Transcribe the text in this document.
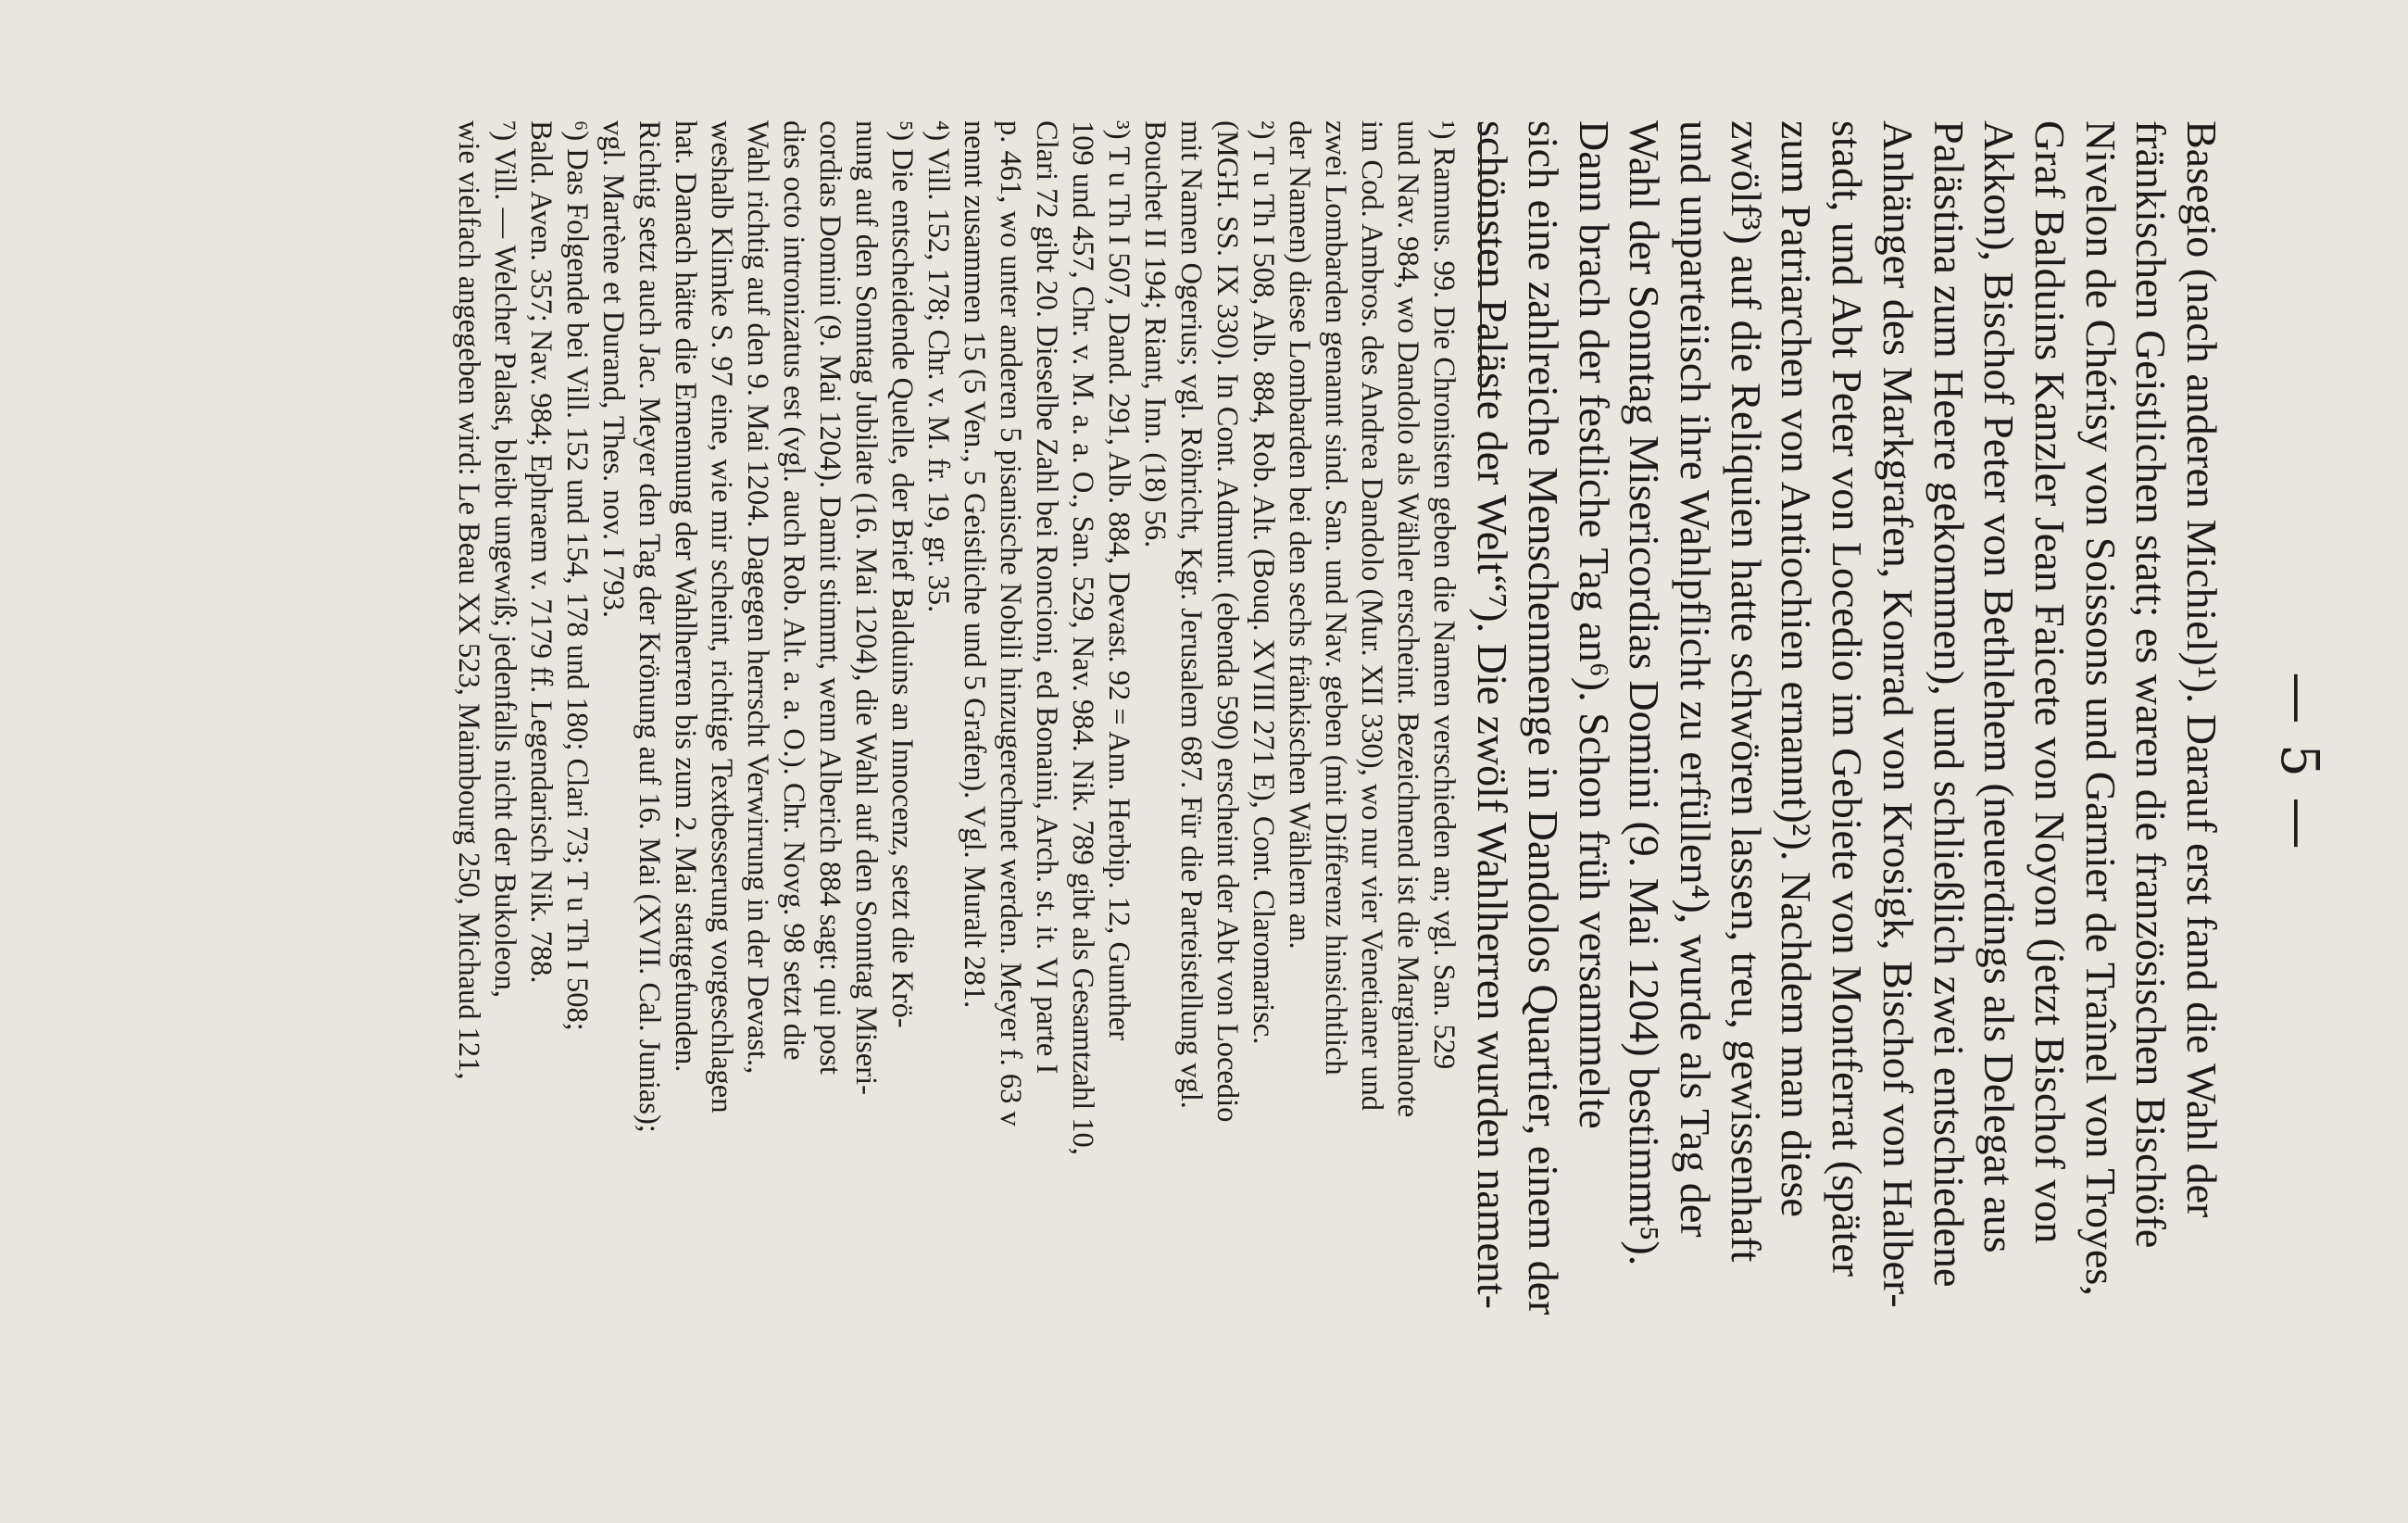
— 5 —
Basegio (nach anderen Michiel)¹). Darauf erst fand die Wahl der
fränkischen Geistlichen statt; es waren die französischen Bischöfe
Nivelon de Chérisy von Soissons und Garnier de Traînel von Troyes,
Graf Balduins Kanzler Jean Faicete von Noyon (jetzt Bischof von
Akkon), Bischof Peter von Bethlehem (neuerdings als Delegat aus
Palästina zum Heere gekommen), und schließlich zwei entschiedene
Anhänger des Markgrafen, Konrad von Krosigk, Bischof von Halber-
stadt, und Abt Peter von Locedio im Gebiete von Montferrat (später
zum Patriarchen von Antiochien ernannt)²). Nachdem man diese
zwölf³) auf die Reliquien hatte schwören lassen, treu, gewissenhaft
und unparteiisch ihre Wahlpflicht zu erfüllen⁴), wurde als Tag der
Wahl der Sonntag Misericordias Domini (9. Mai 1204) bestimmt⁵).
Dann brach der festliche Tag an⁶). Schon früh versammelte
sich eine zahlreiche Menschenmenge in Dandolos Quartier, einem der
schönsten Paläste der Welt“⁷). Die zwölf Wahlherren wurden nament-
¹) Ramnus. 99. Die Chronisten geben die Namen verschieden an; vgl. San. 529
und Nav. 984, wo Dandolo als Wähler erscheint. Bezeichnend ist die Marginalnote
im Cod. Ambros. des Andrea Dandolo (Mur. XII 330), wo nur vier Venetianer und
zwei Lombarden genannt sind. San. und Nav. geben (mit Differenz hinsichtlich
der Namen) diese Lombarden bei den sechs fränkischen Wählern an.
²) T u Th I 508, Alb. 884, Rob. Alt. (Bouq. XVIII 271 E), Cont. Claromarisc.
(MGH. SS. IX 330). In Cont. Admunt. (ebenda 590) erscheint der Abt von Locedio
mit Namen Ogerius; vgl. Röhricht, Kgr. Jerusalem 687. Für die Parteistellung vgl.
Bouchet II 194; Riant, Inn. (18) 56.
³) T u Th I 507, Dand. 291, Alb. 884, Devast. 92 = Ann. Herbip. 12, Gunther
109 und 457, Chr. v. M. a. a. O., San. 529, Nav. 984. Nik. 789 gibt als Gesamtzahl 10,
Clari 72 gibt 20. Dieselbe Zahl bei Roncioni, ed Bonaini, Arch. st. it. VI parte I
p. 461, wo unter anderen 5 pisanische Nobili hinzugerechnet werden. Meyer f. 63 v
nennt zusammen 15 (5 Ven., 5 Geistliche und 5 Grafen). Vgl. Muralt 281.
⁴) Vill. 152, 178; Chr. v. M. fr. 19, gr. 35.
⁵) Die entscheidende Quelle, der Brief Balduins an Innocenz, setzt die Krö-
nung auf den Sonntag Jubilate (16. Mai 1204), die Wahl auf den Sonntag Miseri-
cordias Domini (9. Mai 1204). Damit stimmt, wenn Alberich 884 sagt: qui post
dies octo intronizatus est (vgl. auch Rob. Alt. a. a. O.). Chr. Novg. 98 setzt die
Wahl richtig auf den 9. Mai 1204. Dagegen herrscht Verwirrung in der Devast.,
weshalb Klimke S. 97 eine, wie mir scheint, richtige Textbesserung vorgeschlagen
hat. Danach hätte die Ernennung der Wahlherren bis zum 2. Mai stattgefunden.
Richtig setzt auch Jac. Meyer den Tag der Krönung auf 16. Mai (XVII. Cal. Junias);
vgl. Martène et Durand, Thes. nov. I 793.
⁶) Das Folgende bei Vill. 152 und 154, 178 und 180; Clari 73; T u Th I 508;
Bald. Aven. 357; Nav. 984; Ephraem v. 7179 ff. Legendarisch Nik. 788.
⁷) Vill. — Welcher Palast, bleibt ungewiß; jedenfalls nicht der Bukoleon,
wie vielfach angegeben wird: Le Beau XX 523, Maimbourg 250, Michaud 121,
